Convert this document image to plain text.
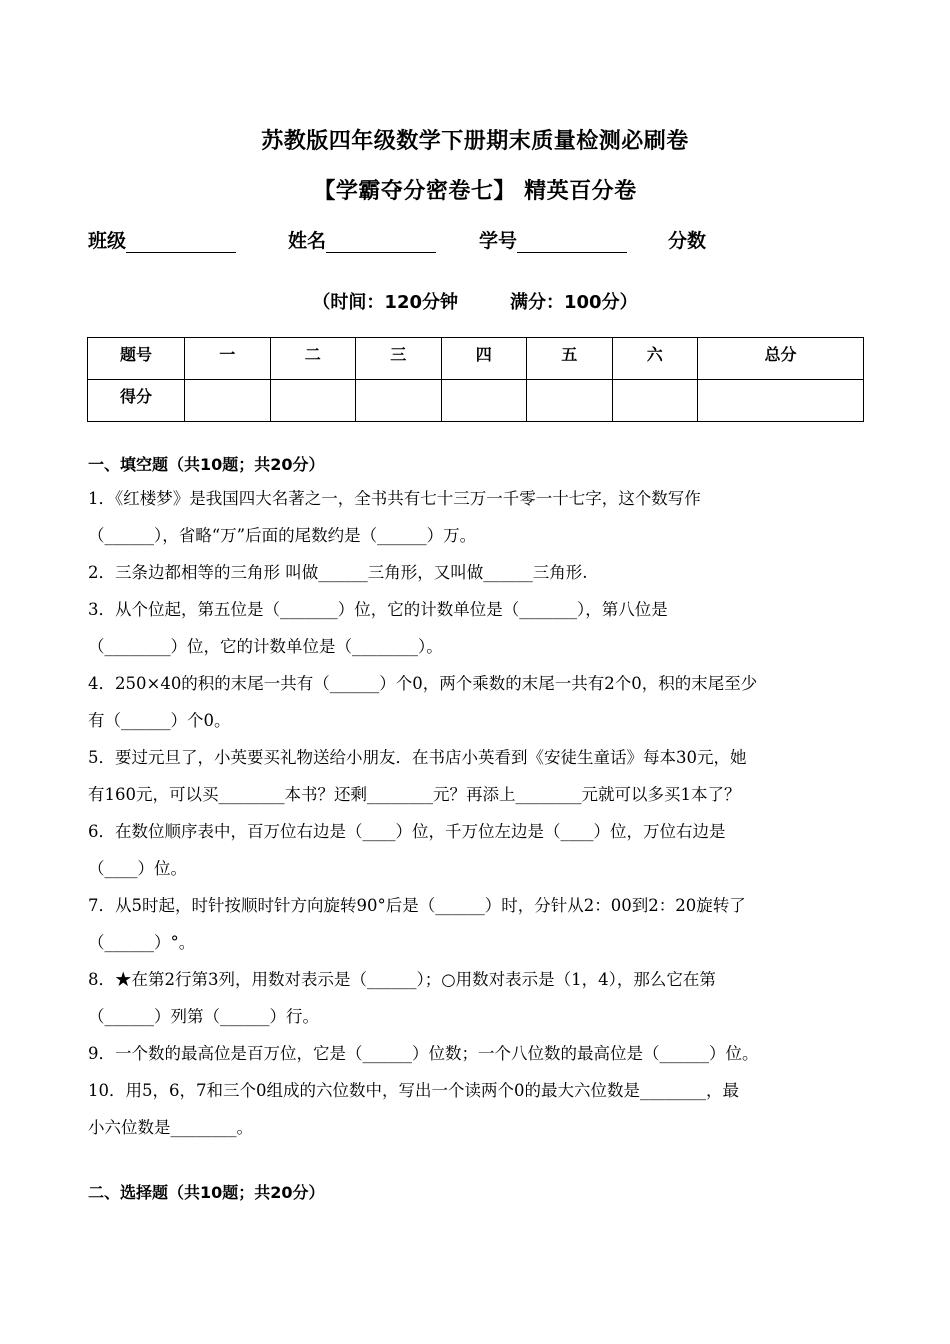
苏教版四年级数学下册期末质量检测必刷卷
【学霸夺分密卷七】 精英百分卷
班级	姓名	学号	分数
（时间：120分钟	满分：100分）
题号	一	二	三	四	五	六	总分
得分							
一、填空题（共10题；共20分）

1．《红楼梦》是我国四大名著之一，全书共有七十三万一千零一十七字，这个数写作

（______），省略“万”后面的尾数约是（______）万。

2．三条边都相等的三角形 叫做______三角形，又叫做______三角形.

3．从个位起，第五位是（_______）位，它的计数单位是（_______），第八位是

（________）位，它的计数单位是（________）。

4．250×40的积的末尾一共有（______）个0，两个乘数的末尾一共有2个0，积的末尾至少

有（______）个0。

5．要过元旦了，小英要买礼物送给小朋友．在书店小英看到《安徒生童话》每本30元，她

有160元，可以买________本书？还剩________元？再添上________元就可以多买1本了？

6．在数位顺序表中，百万位右边是（____）位，千万位左边是（____）位，万位右边是

（____）位。

7．从5时起，时针按顺时针方向旋转90°后是（______）时，分针从2：00到2：20旋转了

（______）°。

8．★在第2行第3列，用数对表示是（______）；○用数对表示是（1，4），那么它在第

（______）列第（______）行。

9．一个数的最高位是百万位，它是（______）位数；一个八位数的最高位是（______）位。

10．用5，6，7和三个0组成的六位数中，写出一个读两个0的最大六位数是________，最

小六位数是________。

二、选择题（共10题；共20分）
